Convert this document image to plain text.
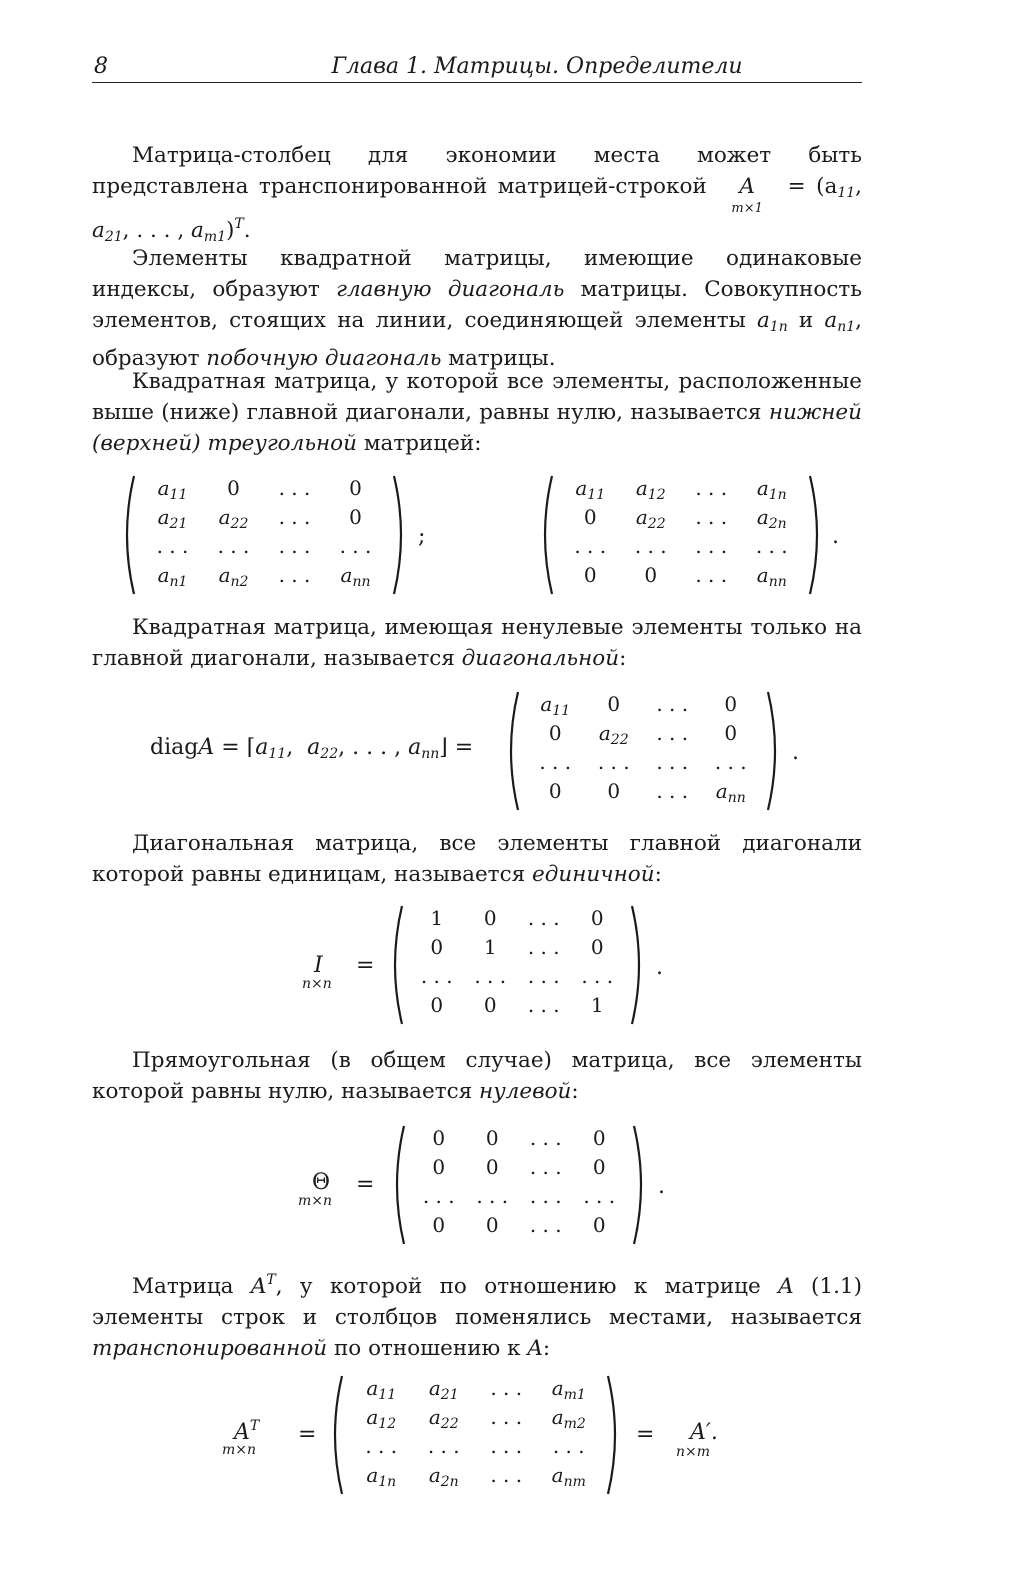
8	Глава 1. Матрицы. Определители

Матрица-столбец для экономии места может быть представлена транспонированной матрицей-строкой A
m×1
= ($a_{11}$, $a_{21}$, . . . , $a_{m1})^T$.

Элементы квадратной матрицы, имеющие одинаковые индексы, образуют главную диагональ матрицы. Совокупность элементов, стоящих на линии, соединяющей элементы $a_{1n}$ и $a_{n1}$, образуют побочную диагональ матрицы.

Квадратная матрица, у которой все элементы, расположенные выше (ниже) главной диагонали, равны нулю, называется нижней (верхней) треугольной матрицей:

$a_{11}$	0	. . .	0
$a_{21}$	$a_{22}$	. . .	0
. . .	. . .	. . .	. . .
$a_{n1}$	$a_{n2}$	. . .	$a_{nn}$
;
$a_{11}$	$a_{12}$	. . .	$a_{1n}$
0	$a_{22}$	. . .	$a_{2n}$
. . .	. . .	. . .	. . .
0	0	. . .	$a_{nn}$
.

Квадратная матрица, имеющая ненулевые элементы только на главной диагонали, называется диагональной:

diagA = $⌈a_{11}$,  $a_{22}$, . . . , $a_{nn}⌋$ =
$a_{11}$	0	. . .	0
0	$a_{22}$	. . .	0
. . .	. . .	. . .	. . .
0	0	. . .	$a_{nn}$
.

Диагональная матрица, все элементы главной диагонали которой равны единицам, называется единичной:

I
n×n
=
1	0	. . .	0
0	1	. . .	0
. . .	. . .	. . .	. . .
0	0	. . .	1
.

Прямоугольная (в общем случае) матрица, все элементы которой равны нулю, называется нулевой:

Θ
m×n
=
0	0	. . .	0
0	0	. . .	0
. . .	. . .	. . .	. . .
0	0	. . .	0
.

Матрица $A^T$, у которой по отношению к матрице A (1.1) элементы строк и столбцов поменялись местами, называется транспонированной по отношению к A:

$A^T$
m×n
=
$a_{11}$	$a_{21}$	. . .	$a_{m1}$
$a_{12}$	$a_{22}$	. . .	$a_{m2}$
. . .	. . .	. . .	. . .
$a_{1n}$	$a_{2n}$	. . .	$a_{nm}$
= A′.
n×m
